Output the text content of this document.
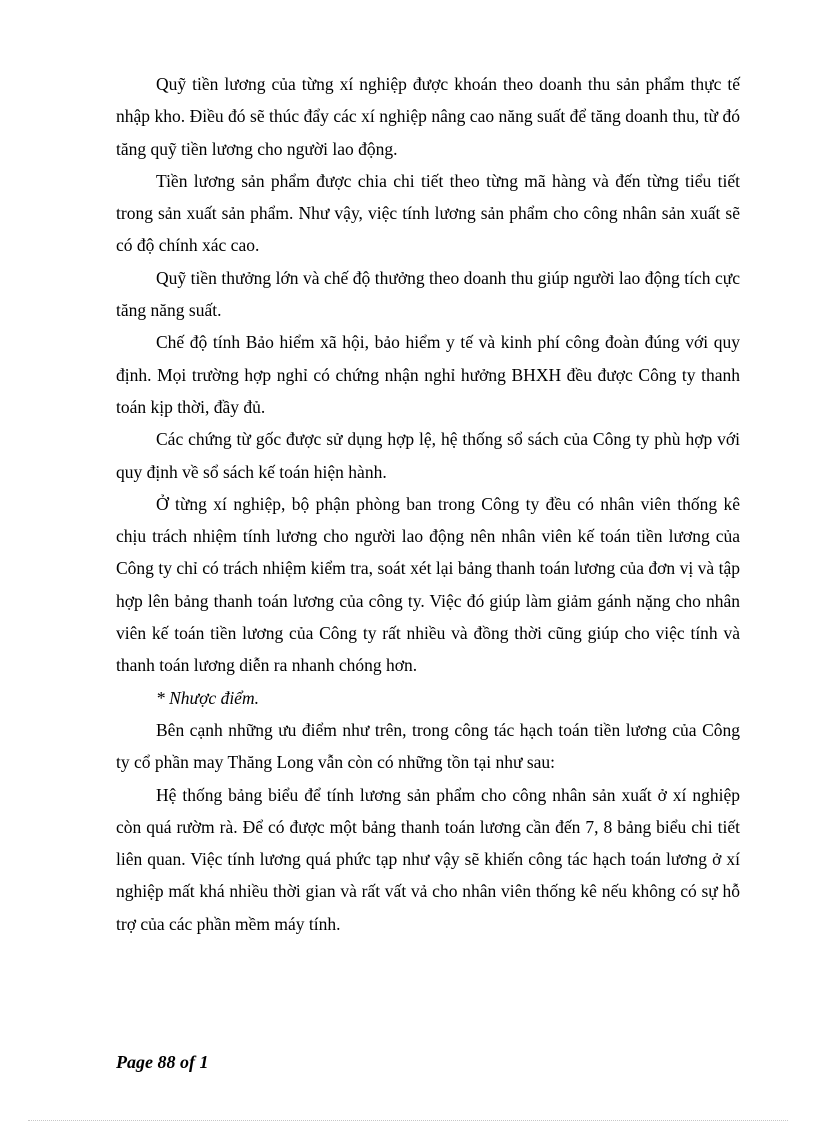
Quỹ tiền lương của từng xí nghiệp được khoán theo doanh thu sản phẩm thực tế nhập kho. Điều đó sẽ thúc đẩy các xí nghiệp nâng cao năng suất để tăng doanh thu, từ đó tăng quỹ tiền lương cho người lao động.

Tiền lương sản phẩm được chia chi tiết theo từng mã hàng và đến từng tiểu tiết trong sản xuất sản phẩm. Như vậy, việc tính lương sản phẩm cho công nhân sản xuất sẽ có độ chính xác cao.

Quỹ tiền thưởng lớn và chế độ thưởng theo doanh thu giúp người lao động tích cực tăng năng suất.

Chế độ tính Bảo hiểm xã hội, bảo hiểm y tế và kinh phí công đoàn đúng với quy định. Mọi trường hợp nghỉ có chứng nhận nghỉ hưởng BHXH đều được Công ty thanh toán kịp thời, đầy đủ.

Các chứng từ gốc được sử dụng hợp lệ, hệ thống sổ sách của Công ty phù hợp với quy định về sổ sách kế toán hiện hành.

Ở từng xí nghiệp, bộ phận phòng ban trong Công ty đều có nhân viên thống kê chịu trách nhiệm tính lương cho người lao động nên nhân viên kế toán tiền lương của Công ty chỉ có trách nhiệm kiểm tra, soát xét lại bảng thanh toán lương của đơn vị và tập hợp lên bảng thanh toán lương của công ty. Việc đó giúp làm giảm gánh nặng cho nhân viên kế toán tiền lương của Công ty rất nhiều và đồng thời cũng giúp cho việc tính và thanh toán lương diễn ra nhanh chóng hơn.

* Nhược điểm.

Bên cạnh những ưu điểm như trên, trong công tác hạch toán tiền lương của Công ty cổ phần may Thăng Long vẫn còn có những tồn tại như sau:

Hệ thống bảng biểu để tính lương sản phẩm cho công nhân sản xuất ở xí nghiệp còn quá rườm rà. Để có được một bảng thanh toán lương cần đến 7, 8 bảng biểu chi tiết liên quan. Việc tính lương quá phức tạp như vậy sẽ khiến công tác hạch toán lương ở xí nghiệp mất khá nhiều thời gian và rất vất vả cho nhân viên thống kê nếu không có sự hỗ trợ của các phần mềm máy tính.

Page 88 of 1
